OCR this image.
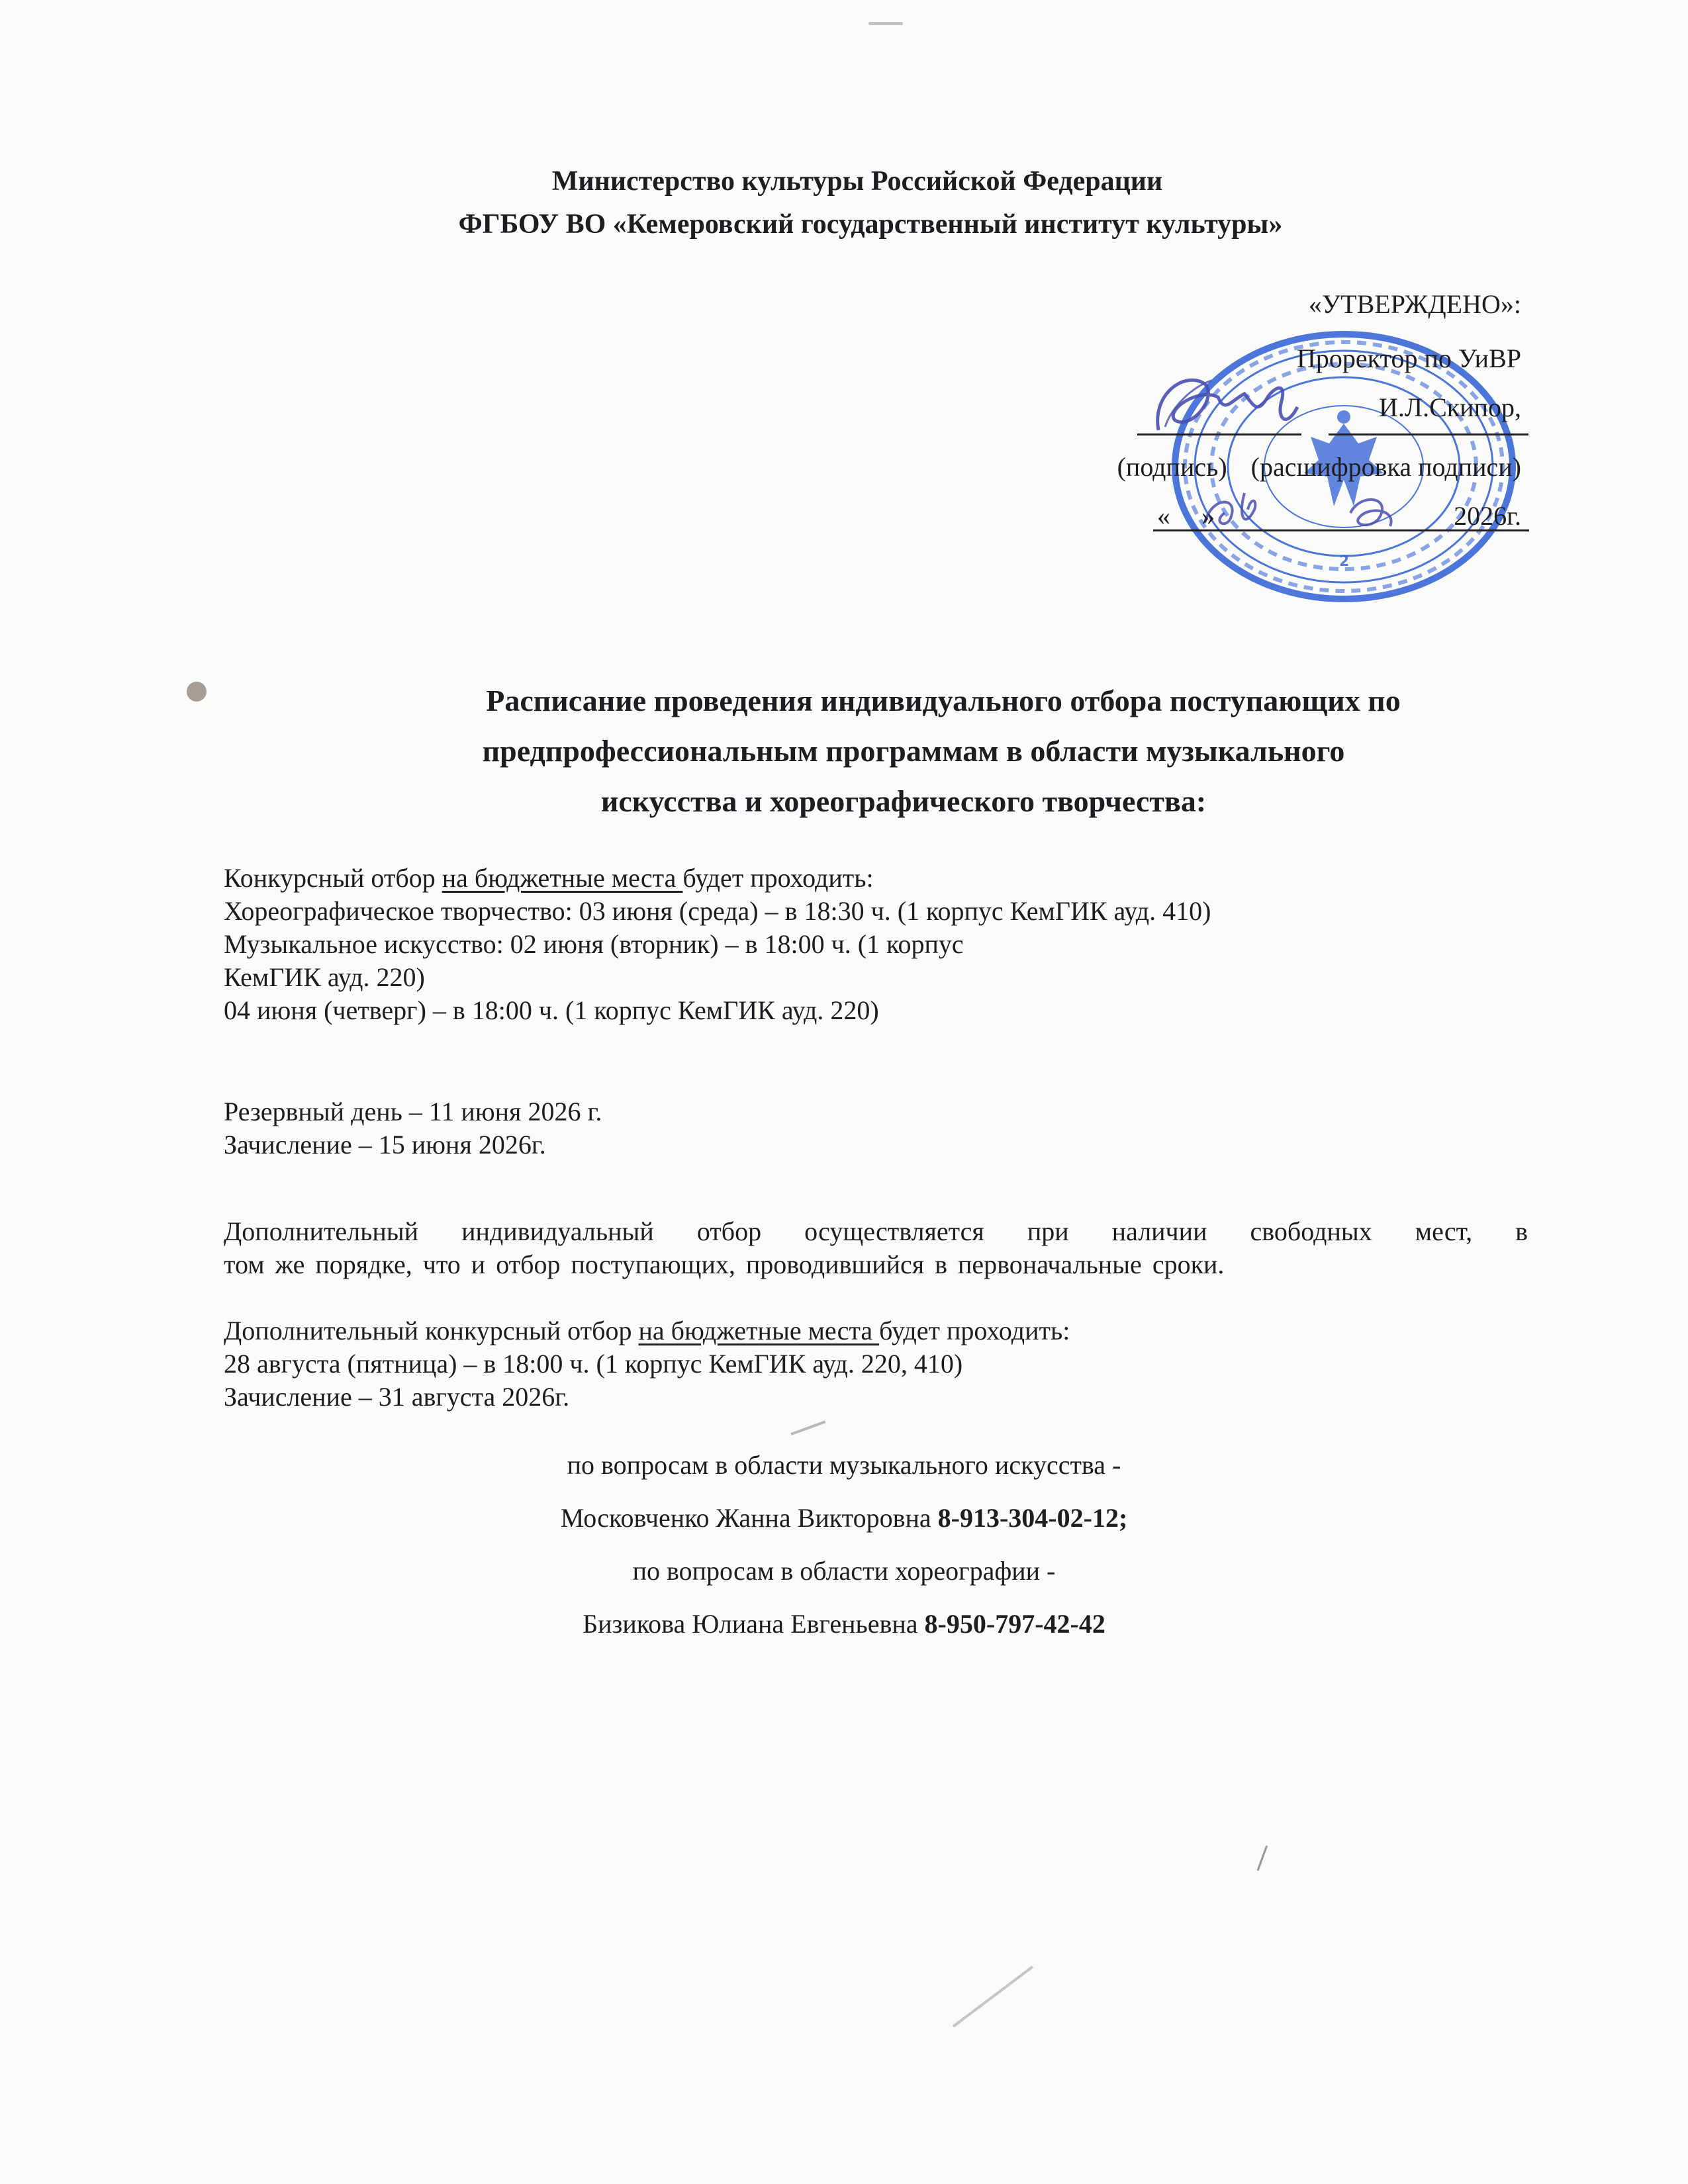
Министерство культуры Российской Федерации
ФГБОУ ВО «Кемеровский государственный институт культуры»
2
«УТВЕРЖДЕНО»:
Проректор по УиВР
И.Л.Скипор,
(подпись) (расшифровка подписи)
« »	2026г.
Расписание проведения индивидуального отбора поступающих по
предпрофессиональным программам в области музыкального
искусства и хореографического творчества:
Конкурсный отбор на бюджетные места будет проходить:
Хореографическое творчество: 03 июня (среда) – в 18:30 ч. (1 корпус КемГИК ауд. 410)
Музыкальное искусство: 02 июня (вторник) – в 18:00 ч. (1 корпус
КемГИК ауд. 220)
04 июня (четверг) – в 18:00 ч. (1 корпус КемГИК ауд. 220)
Резервный день – 11 июня 2026 г.
Зачисление – 15 июня 2026г.
Дополнительный индивидуальный отбор осуществляется при наличии свободных мест, в
том же порядке, что и отбор поступающих, проводившийся в первоначальные сроки.
Дополнительный конкурсный отбор на бюджетные места будет проходить:
28 августа (пятница) – в 18:00 ч. (1 корпус КемГИК ауд. 220, 410)
Зачисление – 31 августа 2026г.
по вопросам в области музыкального искусства -
Московченко Жанна Викторовна 8-913-304-02-12;
по вопросам в области хореографии -
Бизикова Юлиана Евгеньевна 8-950-797-42-42
